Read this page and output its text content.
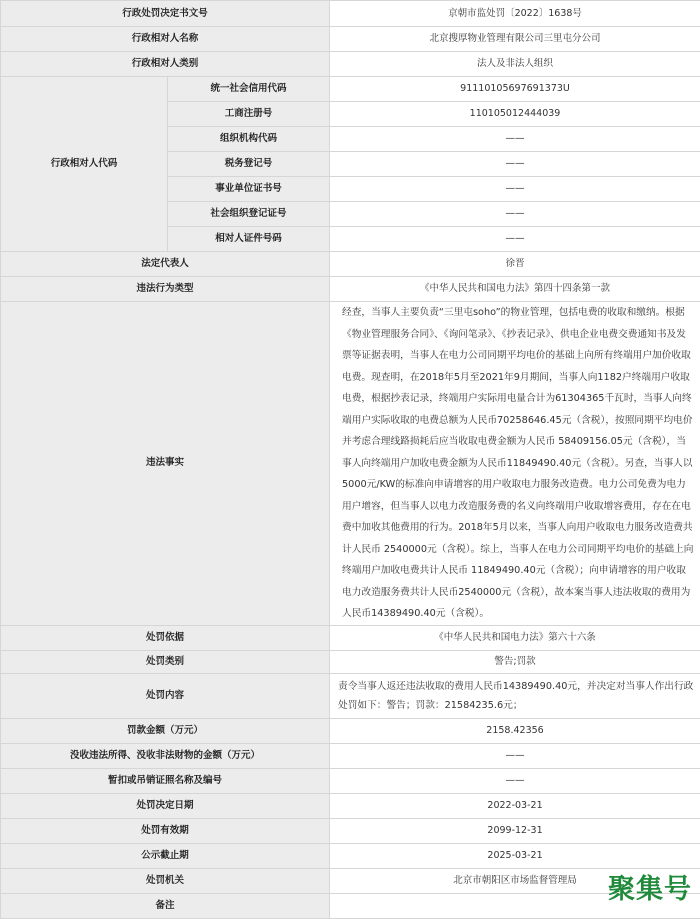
行政处罚决定书文号		京朝市监处罚〔2022〕1638号
行政相对人名称		北京搜厚物业管理有限公司三里屯分公司
行政相对人类别		法人及非法人组织
行政相对人代码	统一社会信用代码	91110105697691373U
	工商注册号	110105012444039
	组织机构代码	——
	税务登记号	——
	事业单位证书号	——
	社会组织登记证号	——
	相对人证件号码	——
法定代表人		徐晋
违法行为类型		《中华人民共和国电力法》第四十四条第一款
违法事实		经查，当事人主要负责“三里屯soho”的物业管理，包括电费的收取和缴纳。根据《物业管理服务合同》、《询问笔录》、《抄表记录》、供电企业电费交费通知书及发票等证据表明，当事人在电力公司同期平均电价的基础上向所有终端用户加价收取电费。现查明，在2018年5月至2021年9月期间，当事人向1182户终端用户收取电费，根据抄表记录，终端用户实际用电量合计为61304365千瓦时，当事人向终端用户实际收取的电费总额为人民币70258646.45元（含税），按照同期平均电价并考虑合理线路损耗后应当收取电费金额为人民币 58409156.05元（含税），当事人向终端用户加收电费金额为人民币11849490.40元（含税）。另查，当事人以5000元/KW的标准向申请增容的用户收取电力服务改造费。电力公司免费为电力用户增容，但当事人以电力改造服务费的名义向终端用户收取增容费用，存在在电费中加收其他费用的行为。2018年5月以来，当事人向用户收取电力服务改造费共计人民币 2540000元（含税）。综上，当事人在电力公司同期平均电价的基础上向终端用户加收电费共计人民币 11849490.40元（含税）；向申请增容的用户收取电力改造服务费共计人民币2540000元（含税），故本案当事人违法收取的费用为人民币14389490.40元（含税）。
处罚依据		《中华人民共和国电力法》第六十六条
处罚类别		警告;罚款
处罚内容		责令当事人返还违法收取的费用人民币14389490.40元，并决定对当事人作出行政处罚如下：警告；罚款：21584235.6元；
罚款金额（万元）		2158.42356
没收违法所得、没收非法财物的金额（万元）		——
暂扣或吊销证照名称及编号		——
处罚决定日期		2022-03-21
处罚有效期		2099-12-31
公示截止期		2025-03-21
处罚机关		北京市朝阳区市场监督管理局
备注			聚集号
